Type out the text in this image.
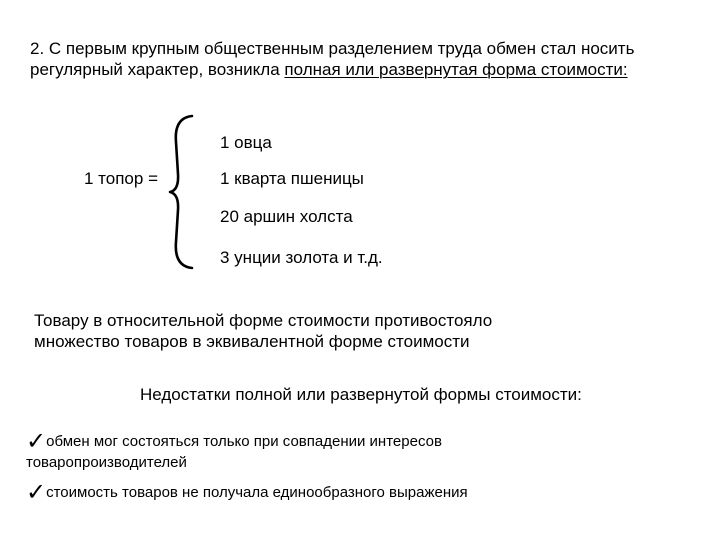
2. С первым крупным общественным разделением труда обмен стал носить регулярный характер, возникла полная или развернутая форма стоимости:

1 топор =
1 овца
1 кварта пшеницы
20 аршин холста
3 унции золота и т.д.

Товару в относительной форме стоимости противостояло

множество товаров в эквивалентной форме стоимости

Недостатки полной или развернутой формы стоимости:

✓обмен мог состояться только при совпадении интересов

товаропроизводителей

✓стоимость товаров не получала единообразного выражения
